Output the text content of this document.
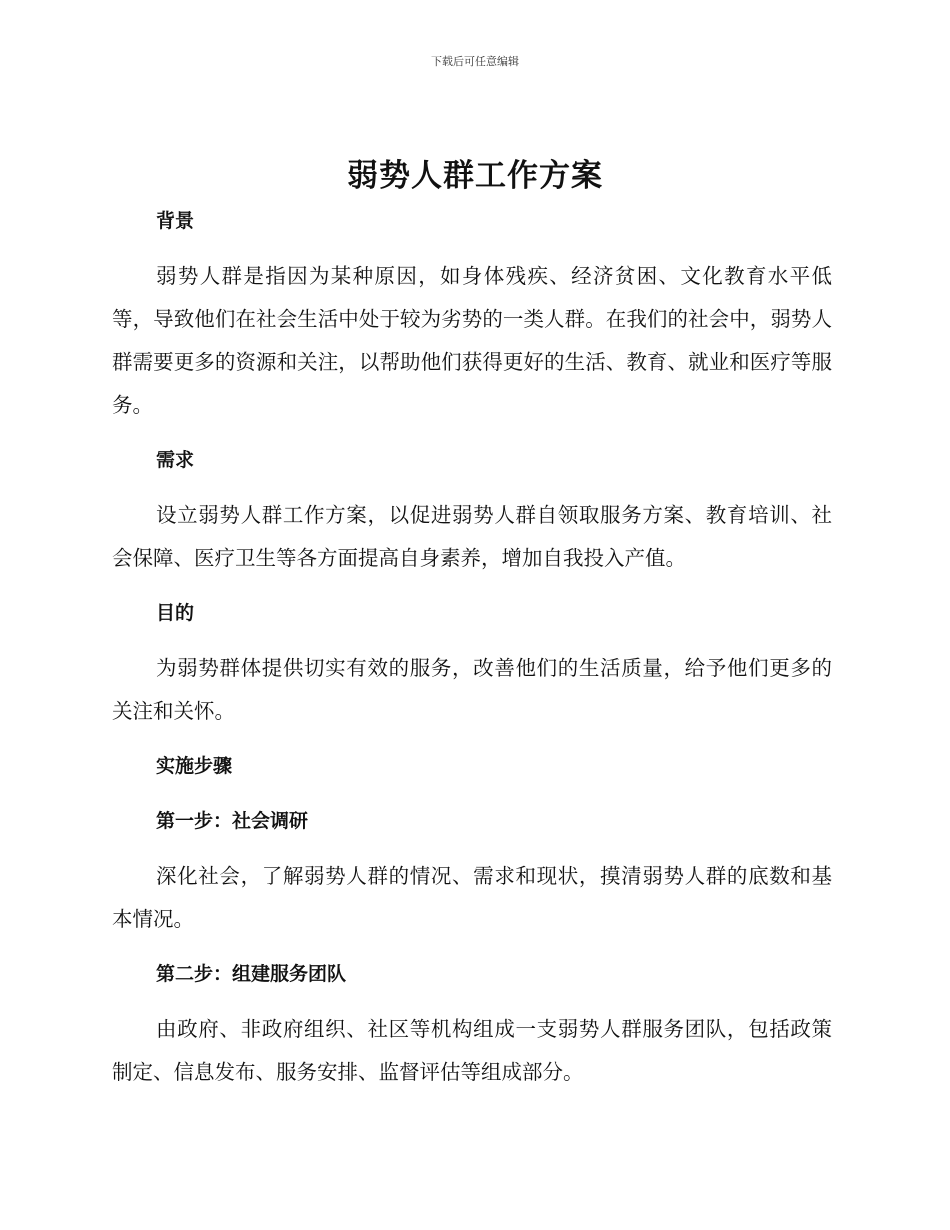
下载后可任意编辑
弱势人群工作方案

背景

弱势人群是指因为某种原因，如身体残疾、经济贫困、文化教育水平低等，导致他们在社会生活中处于较为劣势的一类人群。在我们的社会中，弱势人群需要更多的资源和关注，以帮助他们获得更好的生活、教育、就业和医疗等服务。

需求

设立弱势人群工作方案，以促进弱势人群自领取服务方案、教育培训、社会保障、医疗卫生等各方面提高自身素养，增加自我投入产值。

目的

为弱势群体提供切实有效的服务，改善他们的生活质量，给予他们更多的关注和关怀。

实施步骤

第一步：社会调研

深化社会，了解弱势人群的情况、需求和现状，摸清弱势人群的底数和基本情况。

第二步：组建服务团队

由政府、非政府组织、社区等机构组成一支弱势人群服务团队，包括政策制定、信息发布、服务安排、监督评估等组成部分。
